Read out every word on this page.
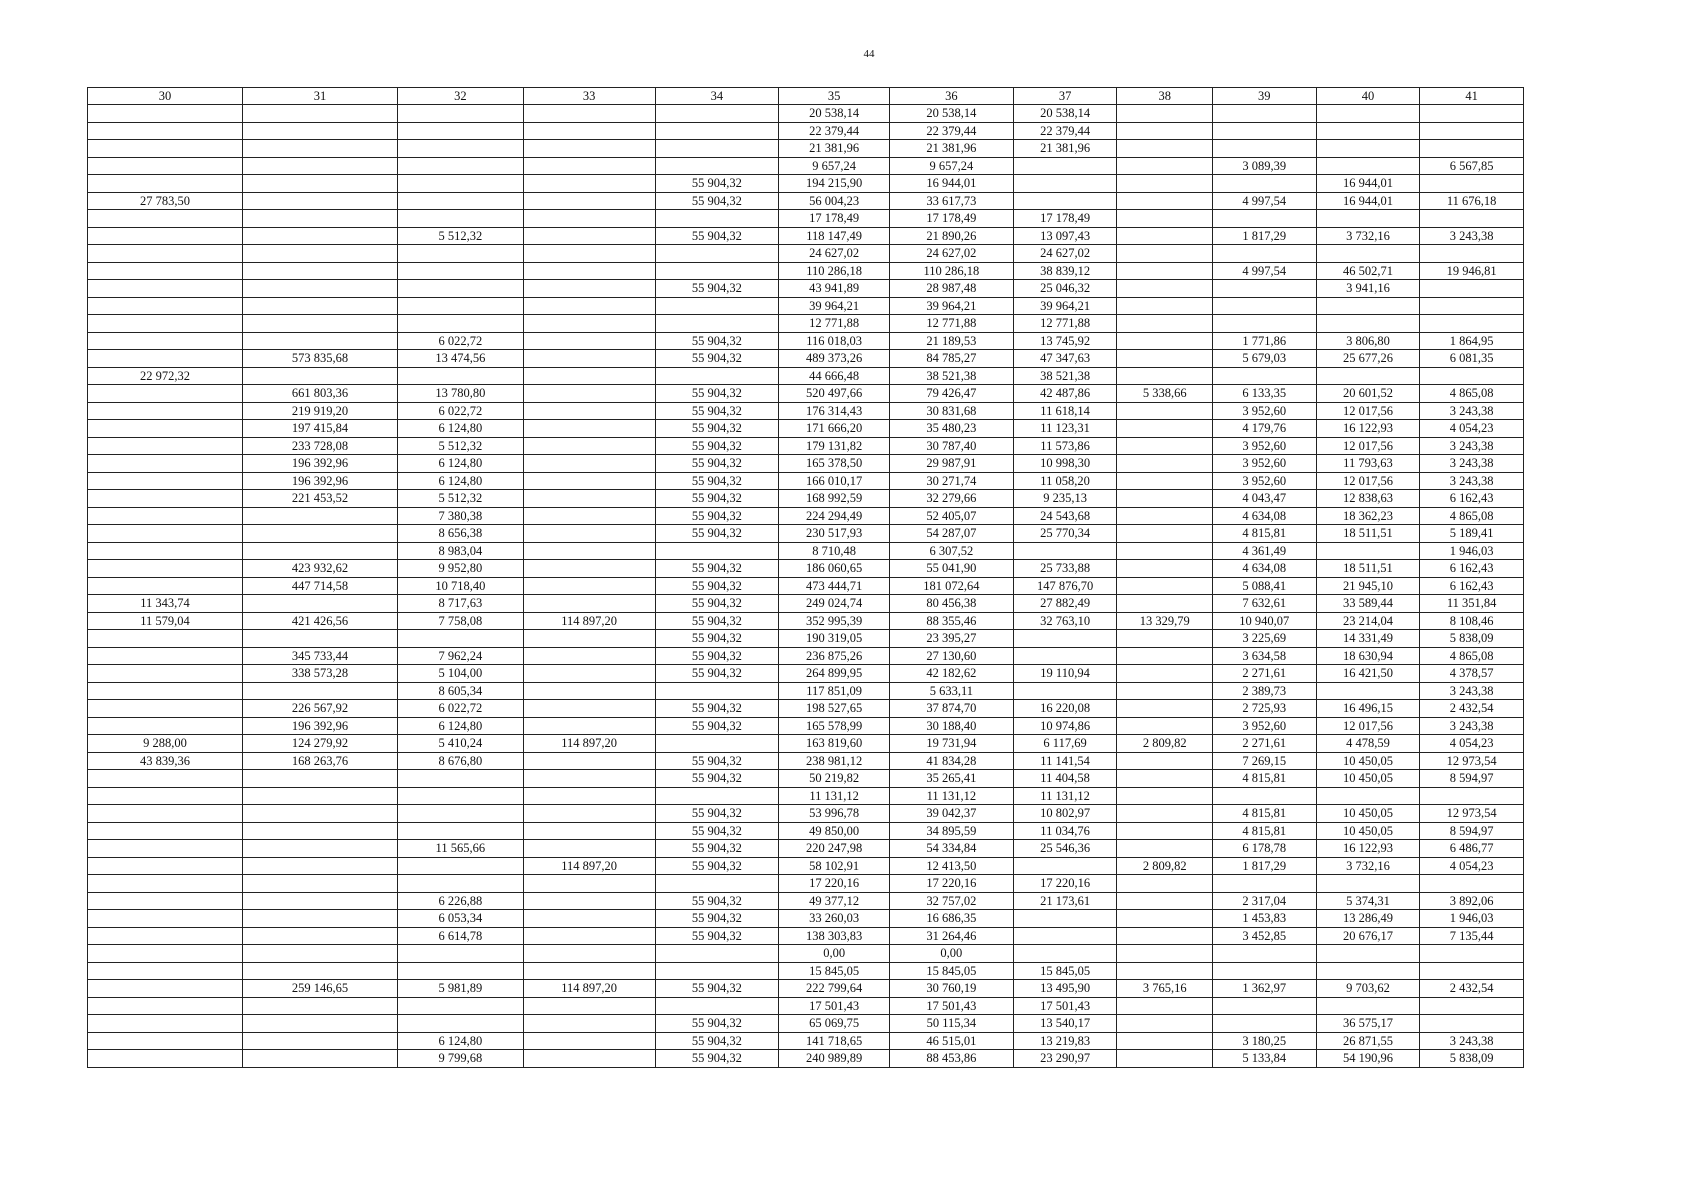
44
30	31	32	33	34	35	36	37	38	39	40	41
					20 538,14	20 538,14	20 538,14				
					22 379,44	22 379,44	22 379,44				
					21 381,96	21 381,96	21 381,96				
					9 657,24	9 657,24			3 089,39		6 567,85
				55 904,32	194 215,90	16 944,01				16 944,01	
27 783,50				55 904,32	56 004,23	33 617,73			4 997,54	16 944,01	11 676,18
					17 178,49	17 178,49	17 178,49				
		5 512,32		55 904,32	118 147,49	21 890,26	13 097,43		1 817,29	3 732,16	3 243,38
					24 627,02	24 627,02	24 627,02				
					110 286,18	110 286,18	38 839,12		4 997,54	46 502,71	19 946,81
				55 904,32	43 941,89	28 987,48	25 046,32			3 941,16	
					39 964,21	39 964,21	39 964,21				
					12 771,88	12 771,88	12 771,88				
		6 022,72		55 904,32	116 018,03	21 189,53	13 745,92		1 771,86	3 806,80	1 864,95
	573 835,68	13 474,56		55 904,32	489 373,26	84 785,27	47 347,63		5 679,03	25 677,26	6 081,35
22 972,32					44 666,48	38 521,38	38 521,38				
	661 803,36	13 780,80		55 904,32	520 497,66	79 426,47	42 487,86	5 338,66	6 133,35	20 601,52	4 865,08
	219 919,20	6 022,72		55 904,32	176 314,43	30 831,68	11 618,14		3 952,60	12 017,56	3 243,38
	197 415,84	6 124,80		55 904,32	171 666,20	35 480,23	11 123,31		4 179,76	16 122,93	4 054,23
	233 728,08	5 512,32		55 904,32	179 131,82	30 787,40	11 573,86		3 952,60	12 017,56	3 243,38
	196 392,96	6 124,80		55 904,32	165 378,50	29 987,91	10 998,30		3 952,60	11 793,63	3 243,38
	196 392,96	6 124,80		55 904,32	166 010,17	30 271,74	11 058,20		3 952,60	12 017,56	3 243,38
	221 453,52	5 512,32		55 904,32	168 992,59	32 279,66	9 235,13		4 043,47	12 838,63	6 162,43
		7 380,38		55 904,32	224 294,49	52 405,07	24 543,68		4 634,08	18 362,23	4 865,08
		8 656,38		55 904,32	230 517,93	54 287,07	25 770,34		4 815,81	18 511,51	5 189,41
		8 983,04			8 710,48	6 307,52			4 361,49		1 946,03
	423 932,62	9 952,80		55 904,32	186 060,65	55 041,90	25 733,88		4 634,08	18 511,51	6 162,43
	447 714,58	10 718,40		55 904,32	473 444,71	181 072,64	147 876,70		5 088,41	21 945,10	6 162,43
11 343,74		8 717,63		55 904,32	249 024,74	80 456,38	27 882,49		7 632,61	33 589,44	11 351,84
11 579,04	421 426,56	7 758,08	114 897,20	55 904,32	352 995,39	88 355,46	32 763,10	13 329,79	10 940,07	23 214,04	8 108,46
				55 904,32	190 319,05	23 395,27			3 225,69	14 331,49	5 838,09
	345 733,44	7 962,24		55 904,32	236 875,26	27 130,60			3 634,58	18 630,94	4 865,08
	338 573,28	5 104,00		55 904,32	264 899,95	42 182,62	19 110,94		2 271,61	16 421,50	4 378,57
		8 605,34			117 851,09	5 633,11			2 389,73		3 243,38
	226 567,92	6 022,72		55 904,32	198 527,65	37 874,70	16 220,08		2 725,93	16 496,15	2 432,54
	196 392,96	6 124,80		55 904,32	165 578,99	30 188,40	10 974,86		3 952,60	12 017,56	3 243,38
9 288,00	124 279,92	5 410,24	114 897,20		163 819,60	19 731,94	6 117,69	2 809,82	2 271,61	4 478,59	4 054,23
43 839,36	168 263,76	8 676,80		55 904,32	238 981,12	41 834,28	11 141,54		7 269,15	10 450,05	12 973,54
				55 904,32	50 219,82	35 265,41	11 404,58		4 815,81	10 450,05	8 594,97
					11 131,12	11 131,12	11 131,12				
				55 904,32	53 996,78	39 042,37	10 802,97		4 815,81	10 450,05	12 973,54
				55 904,32	49 850,00	34 895,59	11 034,76		4 815,81	10 450,05	8 594,97
		11 565,66		55 904,32	220 247,98	54 334,84	25 546,36		6 178,78	16 122,93	6 486,77
			114 897,20	55 904,32	58 102,91	12 413,50		2 809,82	1 817,29	3 732,16	4 054,23
					17 220,16	17 220,16	17 220,16				
		6 226,88		55 904,32	49 377,12	32 757,02	21 173,61		2 317,04	5 374,31	3 892,06
		6 053,34		55 904,32	33 260,03	16 686,35			1 453,83	13 286,49	1 946,03
		6 614,78		55 904,32	138 303,83	31 264,46			3 452,85	20 676,17	7 135,44
					0,00	0,00					
					15 845,05	15 845,05	15 845,05				
	259 146,65	5 981,89	114 897,20	55 904,32	222 799,64	30 760,19	13 495,90	3 765,16	1 362,97	9 703,62	2 432,54
					17 501,43	17 501,43	17 501,43				
				55 904,32	65 069,75	50 115,34	13 540,17			36 575,17	
		6 124,80		55 904,32	141 718,65	46 515,01	13 219,83		3 180,25	26 871,55	3 243,38
		9 799,68		55 904,32	240 989,89	88 453,86	23 290,97		5 133,84	54 190,96	5 838,09
